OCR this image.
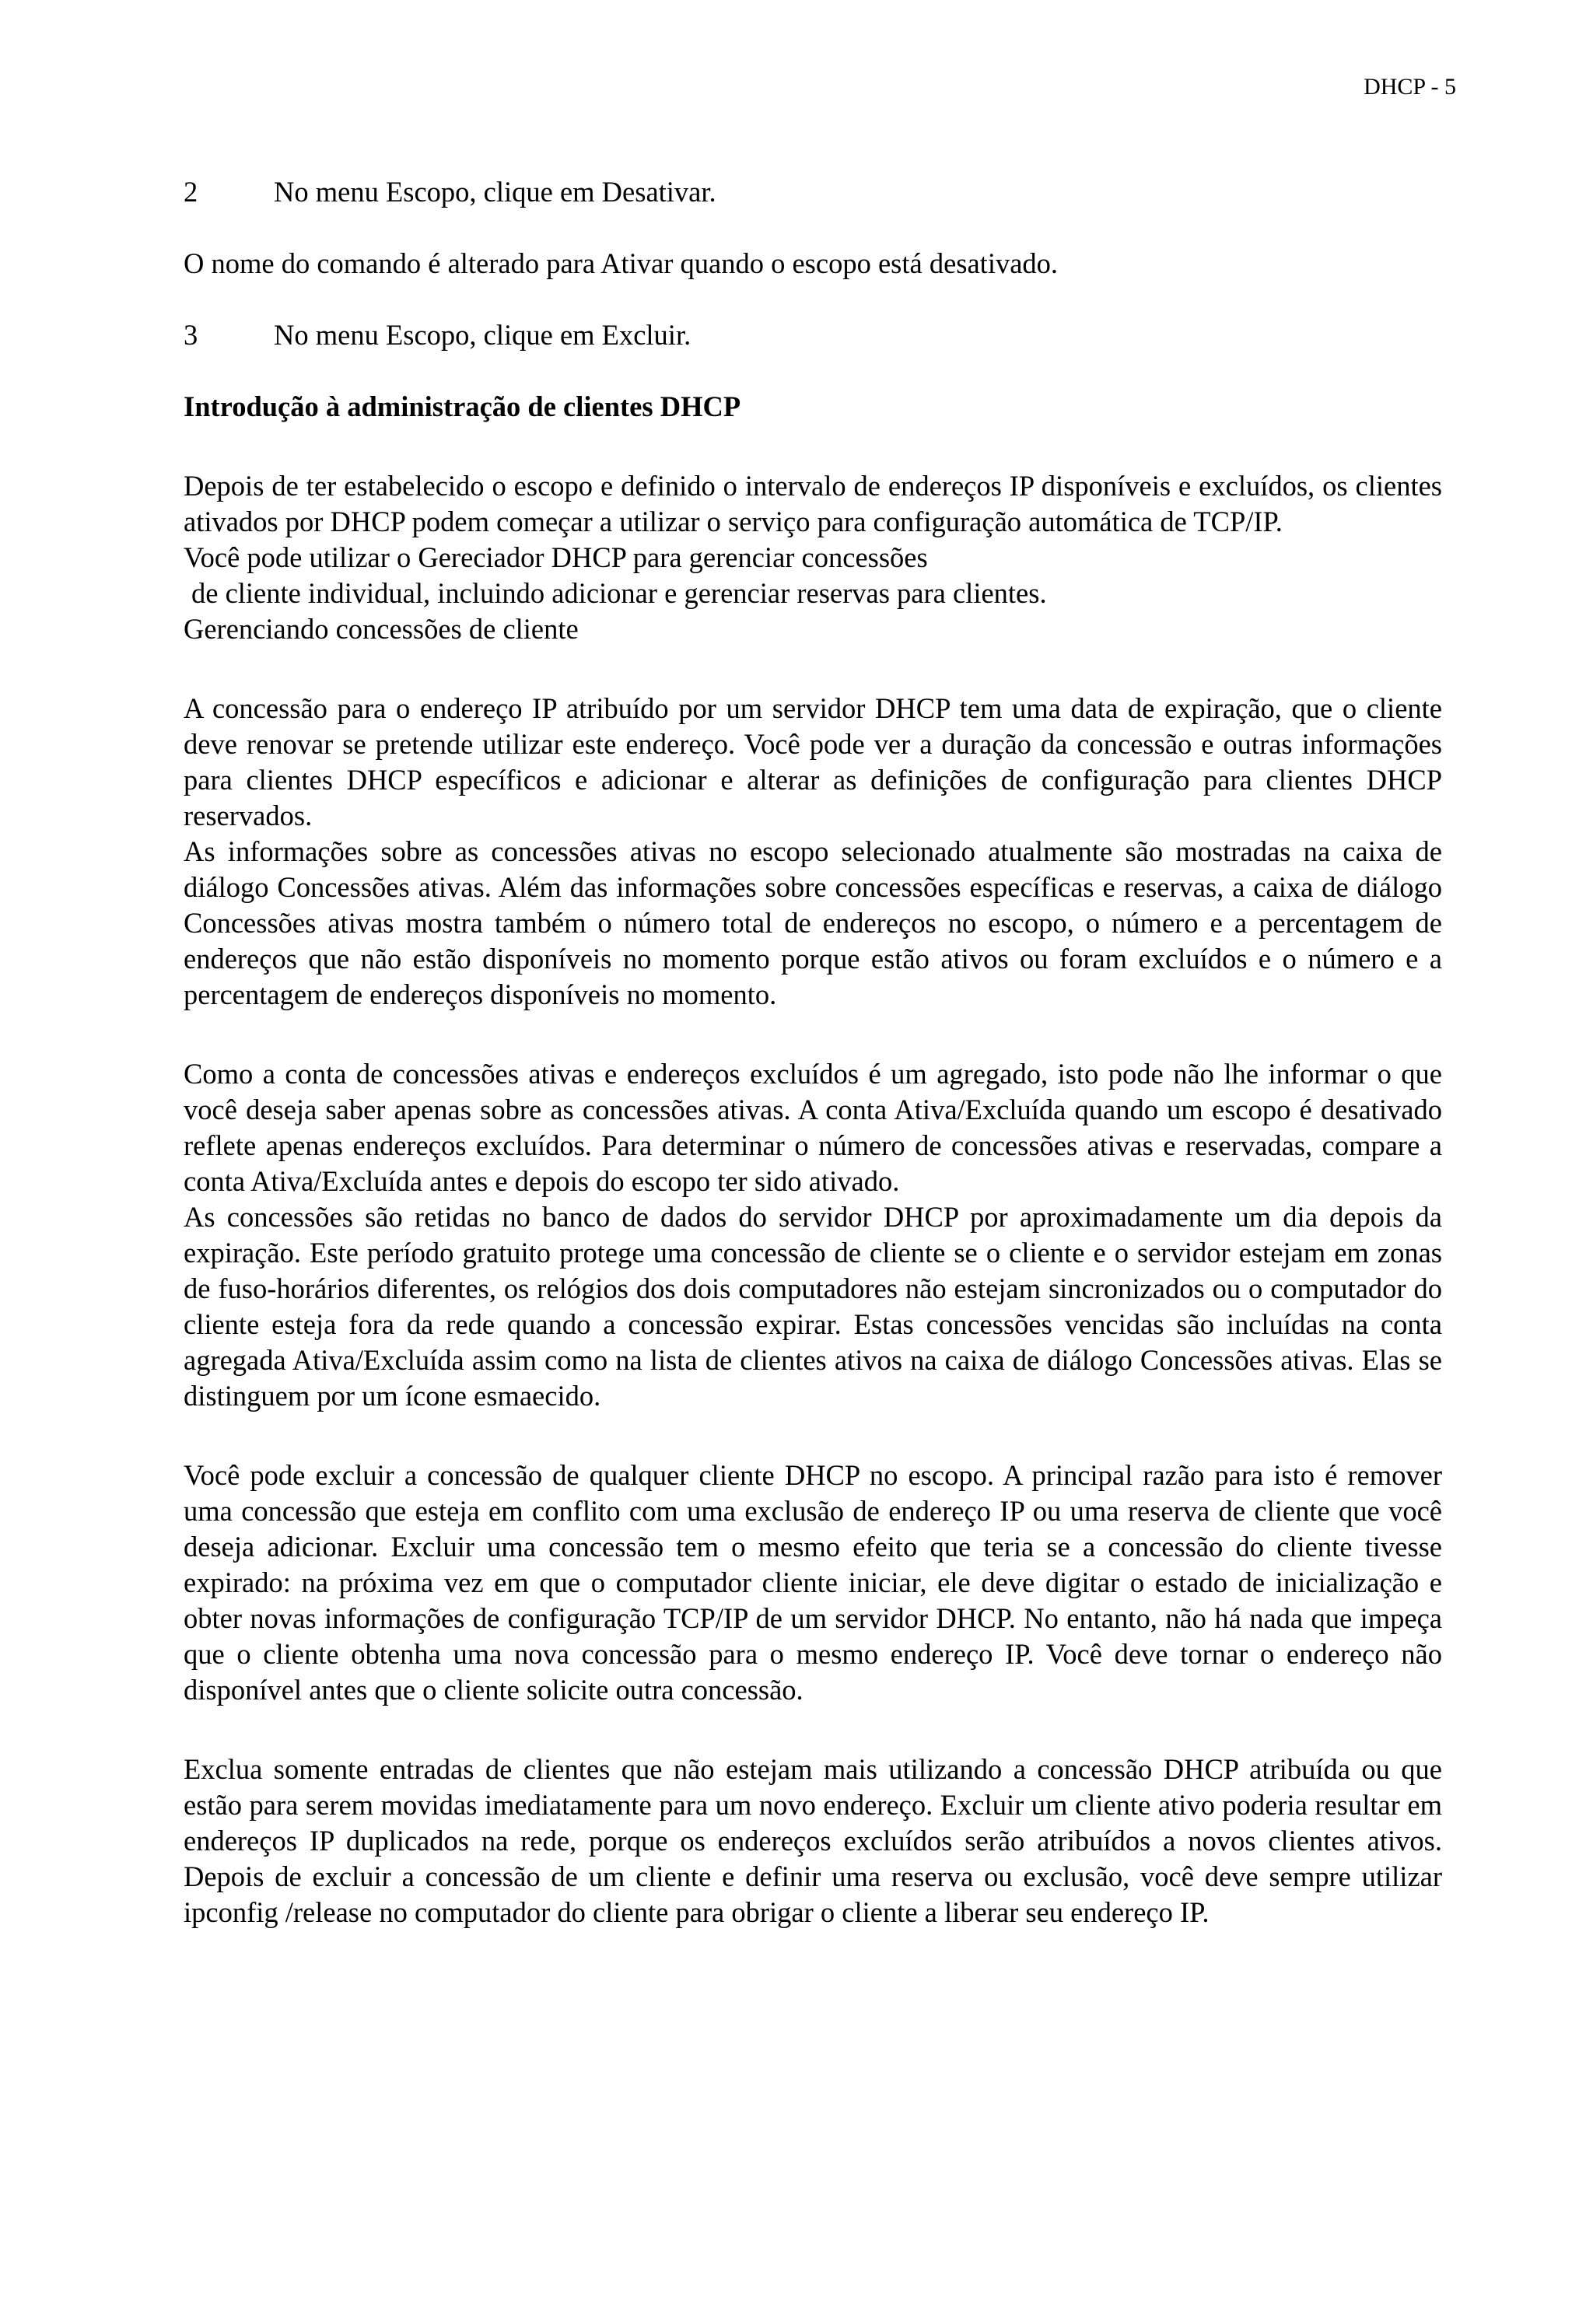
DHCP - 5
2	No menu Escopo, clique em Desativar.

O nome do comando é alterado para Ativar quando o escopo está desativado.

3	No menu Escopo, clique em Excluir.

Introdução à administração de clientes DHCP

Depois de ter estabelecido o escopo e definido o intervalo de endereços IP disponíveis e excluídos, os clientes ativados por DHCP podem começar a utilizar o serviço para configuração automática de TCP/IP.

Você pode utilizar o Gereciador DHCP para gerenciar concessões

de cliente individual, incluindo adicionar e gerenciar reservas para clientes.

Gerenciando concessões de cliente

A concessão para o endereço IP atribuído por um servidor DHCP tem uma data de expiração, que o cliente deve renovar se pretende utilizar este endereço. Você pode ver a duração da concessão e outras informações para clientes DHCP específicos e adicionar e alterar as definições de configuração para clientes DHCP reservados.

As informações sobre as concessões ativas no escopo selecionado atualmente são mostradas na caixa de diálogo Concessões ativas. Além das informações sobre concessões específicas e reservas, a caixa de diálogo Concessões ativas mostra também o número total de endereços no escopo, o número e a percentagem de endereços que não estão disponíveis no momento porque estão ativos ou foram excluídos e o número e a percentagem de endereços disponíveis no momento.

Como a conta de concessões ativas e endereços excluídos é um agregado, isto pode não lhe informar o que você deseja saber apenas sobre as concessões ativas. A conta Ativa/Excluída quando um escopo é desativado reflete apenas endereços excluídos. Para determinar o número de concessões ativas e reservadas, compare a conta Ativa/Excluída antes e depois do escopo ter sido ativado.

As concessões são retidas no banco de dados do servidor DHCP por aproximadamente um dia depois da expiração. Este período gratuito protege uma concessão de cliente se o cliente e o servidor estejam em zonas de fuso-horários diferentes, os relógios dos dois computadores não estejam sincronizados ou o computador do cliente esteja fora da rede quando a concessão expirar. Estas concessões vencidas são incluídas na conta agregada Ativa/Excluída assim como na lista de clientes ativos na caixa de diálogo Concessões ativas. Elas se distinguem por um ícone esmaecido.

Você pode excluir a concessão de qualquer cliente DHCP no escopo. A principal razão para isto é remover uma concessão que esteja em conflito com uma exclusão de endereço IP ou uma reserva de cliente que você deseja adicionar. Excluir uma concessão tem o mesmo efeito que teria se a concessão do cliente tivesse expirado: na próxima vez em que o computador cliente iniciar, ele deve digitar o estado de inicialização e obter novas informações de configuração TCP/IP de um servidor DHCP. No entanto, não há nada que impeça que o cliente obtenha uma nova concessão para o mesmo endereço IP. Você deve tornar o endereço não disponível antes que o cliente solicite outra concessão.

Exclua somente entradas de clientes que não estejam mais utilizando a concessão DHCP atribuída ou que estão para serem movidas imediatamente para um novo endereço. Excluir um cliente ativo poderia resultar em endereços IP duplicados na rede, porque os endereços excluídos serão atribuídos a novos clientes ativos. Depois de excluir a concessão de um cliente e definir uma reserva ou exclusão, você deve sempre utilizar ipconfig /release no computador do cliente para obrigar o cliente a liberar seu endereço IP.
